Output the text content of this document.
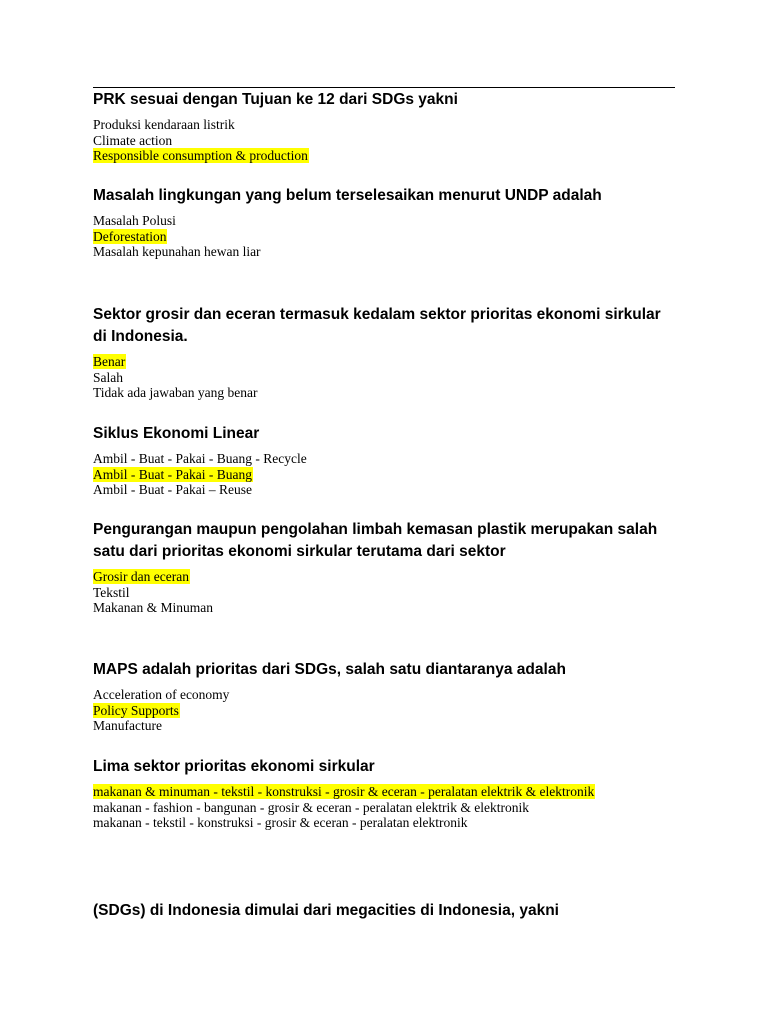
PRK sesuai dengan Tujuan ke 12 dari SDGs yakni
Produksi kendaraan listrik
Climate action
Responsible consumption & production
Masalah lingkungan yang belum terselesaikan menurut UNDP adalah
Masalah Polusi
Deforestation
Masalah kepunahan hewan liar
Sektor grosir dan eceran termasuk kedalam sektor prioritas ekonomi sirkular di Indonesia.
Benar
Salah
Tidak ada jawaban yang benar
Siklus Ekonomi Linear
Ambil - Buat - Pakai - Buang - Recycle
Ambil - Buat - Pakai - Buang
Ambil - Buat - Pakai – Reuse
Pengurangan maupun pengolahan limbah kemasan plastik merupakan salah satu dari prioritas ekonomi sirkular terutama dari sektor
Grosir dan eceran
Tekstil
Makanan & Minuman
MAPS adalah prioritas dari SDGs, salah satu diantaranya adalah
Acceleration of economy
Policy Supports
Manufacture
Lima sektor prioritas ekonomi sirkular
makanan & minuman - tekstil - konstruksi - grosir & eceran - peralatan elektrik & elektronik
makanan - fashion - bangunan - grosir & eceran - peralatan elektrik & elektronik
makanan - tekstil - konstruksi - grosir & eceran - peralatan elektronik
(SDGs) di Indonesia dimulai dari megacities di Indonesia, yakni
